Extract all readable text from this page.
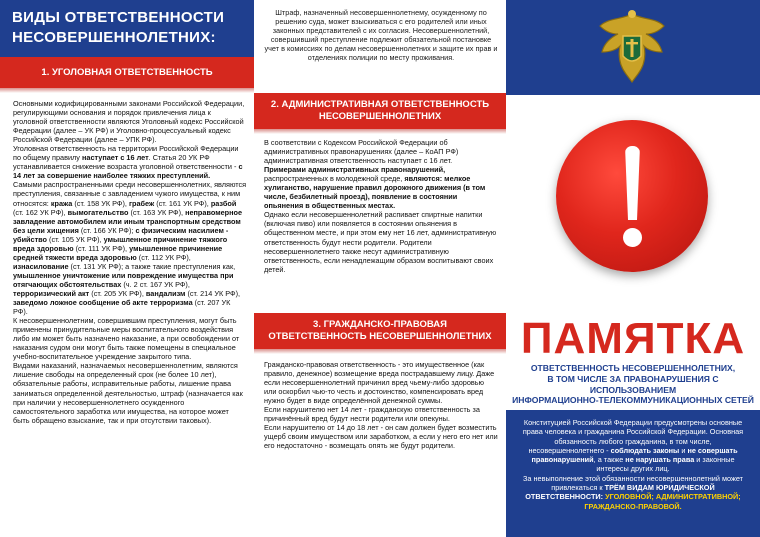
ВИДЫ ОТВЕТСТВЕННОСТИ
НЕСОВЕРШЕННОЛЕТНИХ:
1. УГОЛОВНАЯ ОТВЕТСТВЕННОСТЬ
Основными кодифицированными законами Российской Федерации, регулирующими основания и порядок привлечения лица к уголовной ответственности являются Уголовный кодекс Российской Федерации (далее – УК РФ) и Уголовно-процессуальный кодекс Российской Федерации (далее – УПК РФ).
Уголовная ответственность на территории Российской Федерации по общему правилу наступает с 16 лет. Статья 20 УК РФ устанавливается снижение возраста уголовной ответственности - с 14 лет за совершение наиболее тяжких преступлений.
Самыми распространенными среди несовершеннолетних, являются преступления, связанные с завладением чужого имущества, к ним относятся: кража (ст. 158 УК РФ), грабеж (ст. 161 УК РФ), разбой (ст. 162 УК РФ), вымогательство (ст. 163 УК РФ), неправомерное завладение автомобилем или иным транспортным средством без цели хищения (ст. 166 УК РФ); с физическим насилием - убийство (ст. 105 УК РФ), умышленное причинение тяжкого вреда здоровью (ст. 111 УК РФ), умышленное причинение средней тяжести вреда здоровью (ст. 112 УК РФ), изнасилование (ст. 131 УК РФ); а также такие преступления как, умышленное уничтожение или повреждение имущества при отягчающих обстоятельствах (ч. 2 ст. 167 УК РФ), терроризический акт (ст. 205 УК РФ), вандализм (ст. 214 УК РФ), заведомо ложное сообщение об акте терроризма (ст. 207 УК РФ).
К несовершеннолетним, совершившим преступления, могут быть применены принудительные меры воспитательного воздействия либо им может быть назначено наказание, а при освобождении от наказания судом они могут быть также помещены в специальное учебно-воспитательное учреждение закрытого типа.
Видами наказаний, назначаемых несовершеннолетним, являются лишение свободы на определенный срок (не более 10 лет), обязательные работы, исправительные работы, лишение права заниматься определенной деятельностью, штраф (назначается как при наличии у несовершеннолетнего осужденного самостоятельного заработка или имущества, на которое может быть обращено взыскание, так и при отсутствии таковых).
Штраф, назначенный несовершеннолетнему, осужденному по решению суда, может взыскиваться с его родителей или иных законных представителей с их согласия. Несовершеннолетний, совершивший преступление подлежит обязательной постановке учет в комиссиях по делам несовершеннолетних и защите их прав и отделениях полиции по месту проживания.
2. АДМИНИСТРАТИВНАЯ ОТВЕТСТВЕННОСТЬ
НЕСОВЕРШЕННОЛЕТНИХ
В соответствии с Кодексом Российской Федерации об административных правонарушениях (далее – КоАП РФ) административная ответственность наступает с 16 лет.
Примерами административных правонарушений, распространенных в молодежной среде, являются: мелкое хулиганство, нарушение правил дорожного движения (в том числе, безбилетный проезд), появление в состоянии опьянения в общественных местах.
Однако если несовершеннолетний распивает спиртные напитки (включая пиво) или появляется в состоянии опьянения в общественном месте, и при этом ему нет 16 лет, административную ответственность будут нести родители. Родители несовершеннолетнего также несут административную ответственность, если ненадлежащим образом воспитывают своих детей.
3. ГРАЖДАНСКО-ПРАВОВАЯ
ОТВЕТСТВЕННОСТЬ НЕСОВЕРШЕННОЛЕТНИХ
Гражданско-правовая ответственность - это имущественное (как правило, денежное) возмещение вреда пострадавшему лицу. Даже если несовершеннолетний причинил вред чьему-либо здоровью или оскорбил чью-то честь и достоинство, компенсировать вред нужно будет в виде определённой денежной суммы.
Если нарушителю нет 14 лет - гражданскую ответственность за причинённый вред будут нести родители или опекуны.
Если нарушителю от 14 до 18 лет - он сам должен будет возместить ущерб своим имуществом или заработком, а если у него его нет или его недостаточно - возмещать опять же будут родители.
ПАМЯТКА
ОТВЕТСТВЕННОСТЬ НЕСОВЕРШЕННОЛЕТНИХ,
В ТОМ ЧИСЛЕ ЗА ПРАВОНАРУШЕНИЯ С ИСПОЛЬЗОВАНИЕМ
ИНФОРМАЦИОННО-ТЕЛЕКОММУНИКАЦИОННЫХ СЕТЕЙ
Конституцией Российской Федерации предусмотрены основные права человека и гражданина Российской Федерации. Основная обязанность любого гражданина, в том числе, несовершеннолетнего - соблюдать законы и не совершать правонарушений, а также не нарушать права и законные интересы других лиц.
За невыполнение этой обязанности несовершеннолетний может привлекаться к ТРЁМ ВИДАМ ЮРИДИЧЕСКОЙ ОТВЕТСТВЕННОСТИ: УГОЛОВНОЙ; АДМИНИСТРАТИВНОЙ; ГРАЖДАНСКО-ПРАВОВОЙ.
